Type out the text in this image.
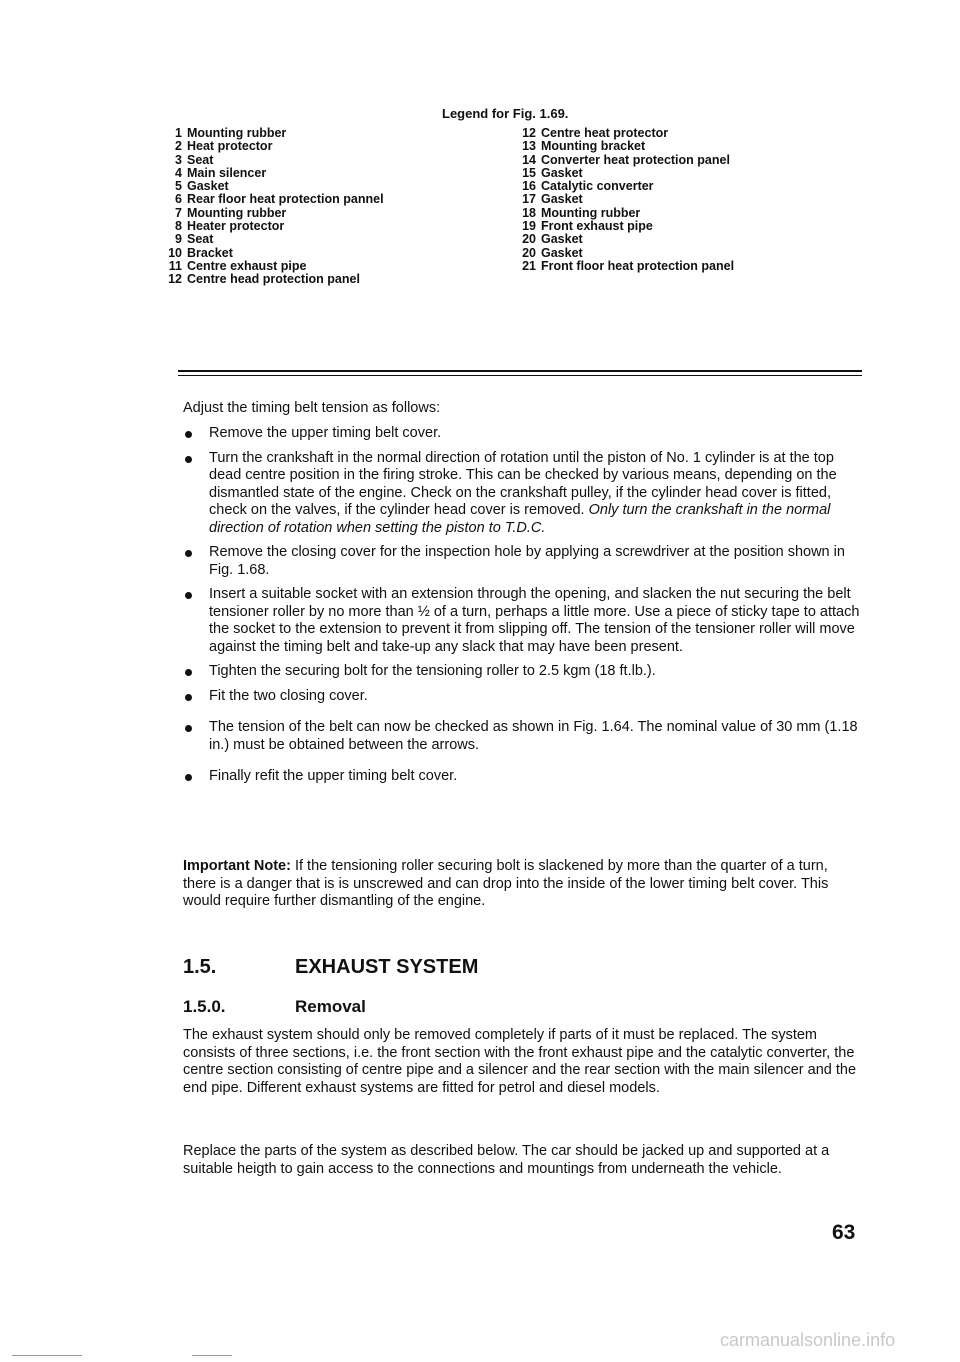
Legend for Fig. 1.69.
1 Mounting rubber
2 Heat protector
3 Seat
4 Main silencer
5 Gasket
6 Rear floor heat protection pannel
7 Mounting rubber
8 Heater protector
9 Seat
10 Bracket
11 Centre exhaust pipe
12 Centre head protection panel
12 Centre heat protector
13 Mounting bracket
14 Converter heat protection panel
15 Gasket
16 Catalytic converter
17 Gasket
18 Mounting rubber
19 Front exhaust pipe
20 Gasket
20 Gasket
21 Front floor heat protection panel
Adjust the timing belt tension as follows:
Remove the upper timing belt cover.
Turn the crankshaft in the normal direction of rotation until the piston of No. 1 cylinder is at the top dead centre position in the firing stroke. This can be checked by various means, depending on the dismantled state of the engine. Check on the crankshaft pulley, if the cylinder head cover is fitted, check on the valves, if the cylinder head cover is removed. Only turn the crankshaft in the normal direction of rotation when setting the piston to T.D.C.
Remove the closing cover for the inspection hole by applying a screwdriver at the position shown in Fig. 1.68.
Insert a suitable socket with an extension through the opening, and slacken the nut securing the belt tensioner roller by no more than ½ of a turn, perhaps a little more. Use a piece of sticky tape to attach the socket to the extension to prevent it from slipping off. The tension of the tensioner roller will move against the timing belt and take-up any slack that may have been present.
Tighten the securing bolt for the tensioning roller to 2.5 kgm (18 ft.lb.).
Fit the two closing cover.
The tension of the belt can now be checked as shown in Fig. 1.64. The nominal value of 30 mm (1.18 in.) must be obtained between the arrows.
Finally refit the upper timing belt cover.
Important Note: If the tensioning roller securing bolt is slackened by more than the quarter of a turn, there is a danger that is is unscrewed and can drop into the inside of the lower timing belt cover. This would require further dismantling of the engine.
1.5.	EXHAUST SYSTEM
1.5.0.	Removal
The exhaust system should only be removed completely if parts of it must be replaced. The system consists of three sections, i.e. the front section with the front exhaust pipe and the catalytic converter, the centre section consisting of centre pipe and a silencer and the rear section with the main silencer and the end pipe. Different exhaust systems are fitted for petrol and diesel models.
Replace the parts of the system as described below. The car should be jacked up and supported at a suitable heigth to gain access to the connections and mountings from underneath the vehicle.
63
carmanualsonline.info
